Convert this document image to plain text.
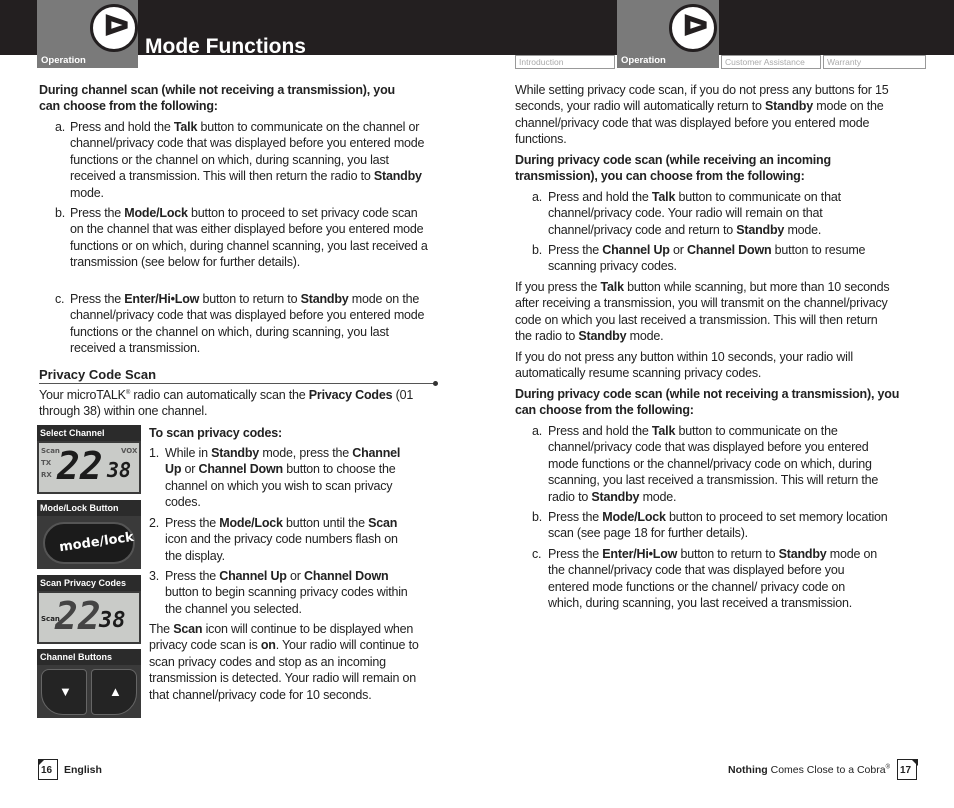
Operation	Operation
ᐅ	ᐅ
Mode Functions
Introduction	Customer Assistance	Warranty
During channel scan (while not receiving a transmission), you can choose from the following:
a. Press and hold the Talk button to communicate on the channel or channel/privacy code that was displayed before you entered mode functions or the channel on which, during scanning, you last received a transmission. This will then return the radio to Standby mode.
b. Press the Mode/Lock button to proceed to set privacy code scan on the channel that was either displayed before you entered mode functions or on which, during channel scanning, you last received a transmission (see below for further details).
c. Press the Enter/Hi•Low button to return to Standby mode on the channel/privacy code that was displayed before you entered mode functions or the channel on which, during scanning, you last received a transmission.
Privacy Code Scan
Your microTALK® radio can automatically scan the Privacy Codes (01 through 38) within one channel.
To scan privacy codes:
1. While in Standby mode, press the Channel Up or Channel Down button to choose the channel on which you wish to scan privacy codes.
2. Press the Mode/Lock button until the Scan icon and the privacy code numbers flash on the display.
3. Press the Channel Up or Channel Down button to begin scanning privacy codes within the channel you selected.
The Scan icon will continue to be displayed when privacy code scan is on. Your radio will continue to scan privacy codes and stop as an incoming transmission is detected. Your radio will remain on that channel/privacy code for 10 seconds.
Select Channel
Scan
TX
RX
VOX
22 38
Mode/Lock Button
mode/lock
Scan Privacy Codes
Scan
22
38
Channel Buttons
▼	▲
While setting privacy code scan, if you do not press any buttons for 15 seconds, your radio will automatically return to Standby mode on the channel/privacy code that was displayed before you entered mode functions.
During privacy code scan (while receiving an incoming transmission), you can choose from the following:
a. Press and hold the Talk button to communicate on that channel/privacy code. Your radio will remain on that channel/privacy code and return to Standby mode.
b. Press the Channel Up or Channel Down button to resume scanning privacy codes.
If you press the Talk button while scanning, but more than 10 seconds after receiving a transmission, you will transmit on the channel/privacy code on which you last received a transmission. This will then return the radio to Standby mode.
If you do not press any button within 10 seconds, your radio will automatically resume scanning privacy codes.
During privacy code scan (while not receiving a transmission), you can choose from the following:
a. Press and hold the Talk button to communicate on the channel/privacy code that was displayed before you entered mode functions or the channel/privacy code on which, during scanning, you last received a transmission. This will return the radio to Standby mode.
b. Press the Mode/Lock button to proceed to set memory location scan (see page 18 for further details).
c. Press the Enter/Hi•Low button to return to Standby mode on the channel/privacy code that was displayed before you entered mode functions or the channel/ privacy code on which, during scanning, you last received a transmission.
16	English	Nothing Comes Close to a Cobra®	17
